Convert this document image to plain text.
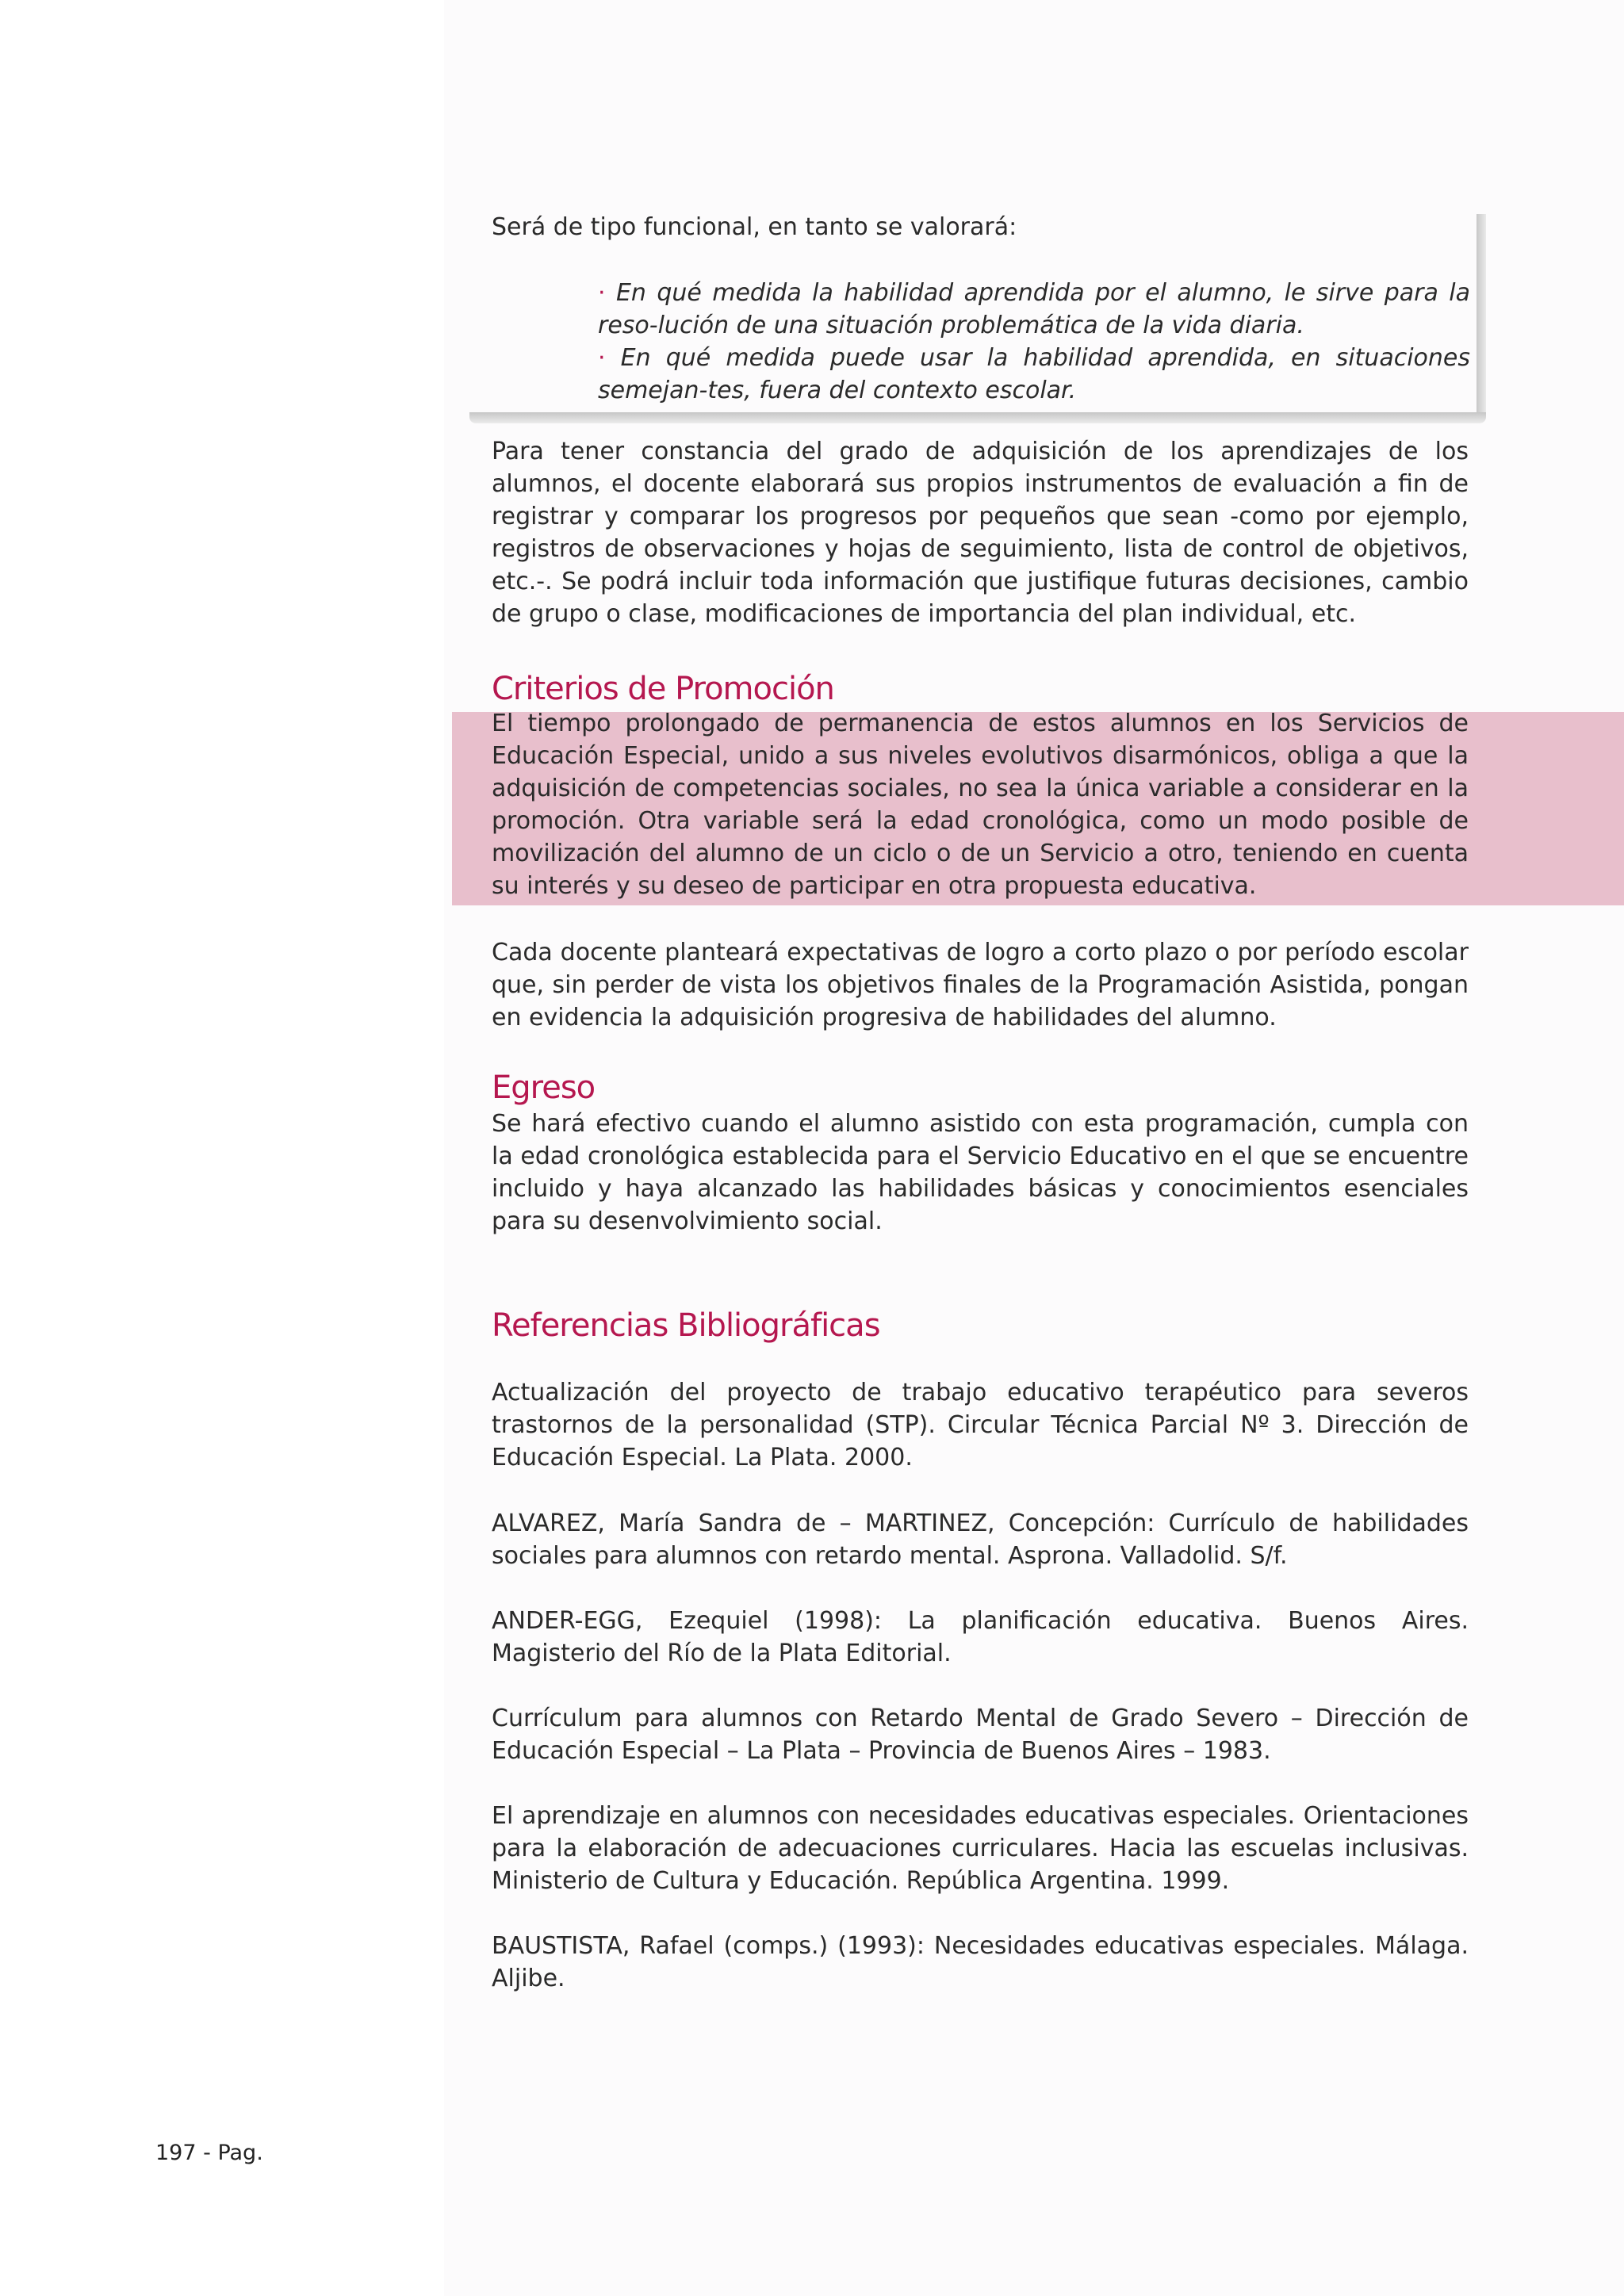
Será de tipo funcional, en tanto se valorará:

· En qué medida la habilidad aprendida por el alumno, le sirve para la reso-lución de una situación problemática de la vida diaria.
· En qué medida puede usar la habilidad aprendida, en situaciones semejan-tes, fuera del contexto escolar.

Para tener constancia del grado de adquisición de los aprendizajes de los alumnos, el docente elaborará sus propios instrumentos de evaluación a fin de registrar y comparar los progresos por pequeños que sean -como por ejemplo, registros de observaciones y hojas de seguimiento, lista de control de objetivos, etc.-. Se podrá incluir toda información que justifique futuras decisiones, cambio de grupo o clase, modificaciones de importancia del plan individual, etc.

Criterios de Promoción

El tiempo prolongado de permanencia de estos alumnos en los Servicios de Educación Especial, unido a sus niveles evolutivos disarmónicos, obliga a que la adquisición de competencias sociales, no sea la única variable a considerar en la promoción. Otra variable será la edad cronológica, como un modo posible de movilización del alumno de un ciclo o de un Servicio a otro, teniendo en cuenta su interés y su deseo de participar en otra propuesta educativa.

Cada docente planteará expectativas de logro a corto plazo o por período escolar que, sin perder de vista los objetivos finales de la Programación Asistida, pongan en evidencia la adquisición progresiva de habilidades del alumno.

Egreso

Se hará efectivo cuando el alumno asistido con esta programación, cumpla con la edad cronológica establecida para el Servicio Educativo en el que se encuentre incluido y haya alcanzado las habilidades básicas y conocimientos esenciales para su desenvolvimiento social.

Referencias Bibliográficas

Actualización del proyecto de trabajo educativo terapéutico para severos trastornos de la personalidad (STP). Circular Técnica Parcial Nº 3. Dirección de Educación Especial. La Plata. 2000.

ALVAREZ, María Sandra de – MARTINEZ, Concepción: Currículo de habilidades sociales para alumnos con retardo mental. Asprona. Valladolid. S/f.

ANDER-EGG, Ezequiel (1998): La planificación educativa. Buenos Aires. Magisterio del Río de la Plata Editorial.

Currículum para alumnos con Retardo Mental de Grado Severo – Dirección de Educación Especial – La Plata – Provincia de Buenos Aires – 1983.

El aprendizaje en alumnos con necesidades educativas especiales. Orientaciones para la elaboración de adecuaciones curriculares. Hacia las escuelas inclusivas. Ministerio de Cultura y Educación. República Argentina. 1999.

BAUSTISTA, Rafael (comps.) (1993): Necesidades educativas especiales. Málaga. Aljibe.

197 - Pag.
